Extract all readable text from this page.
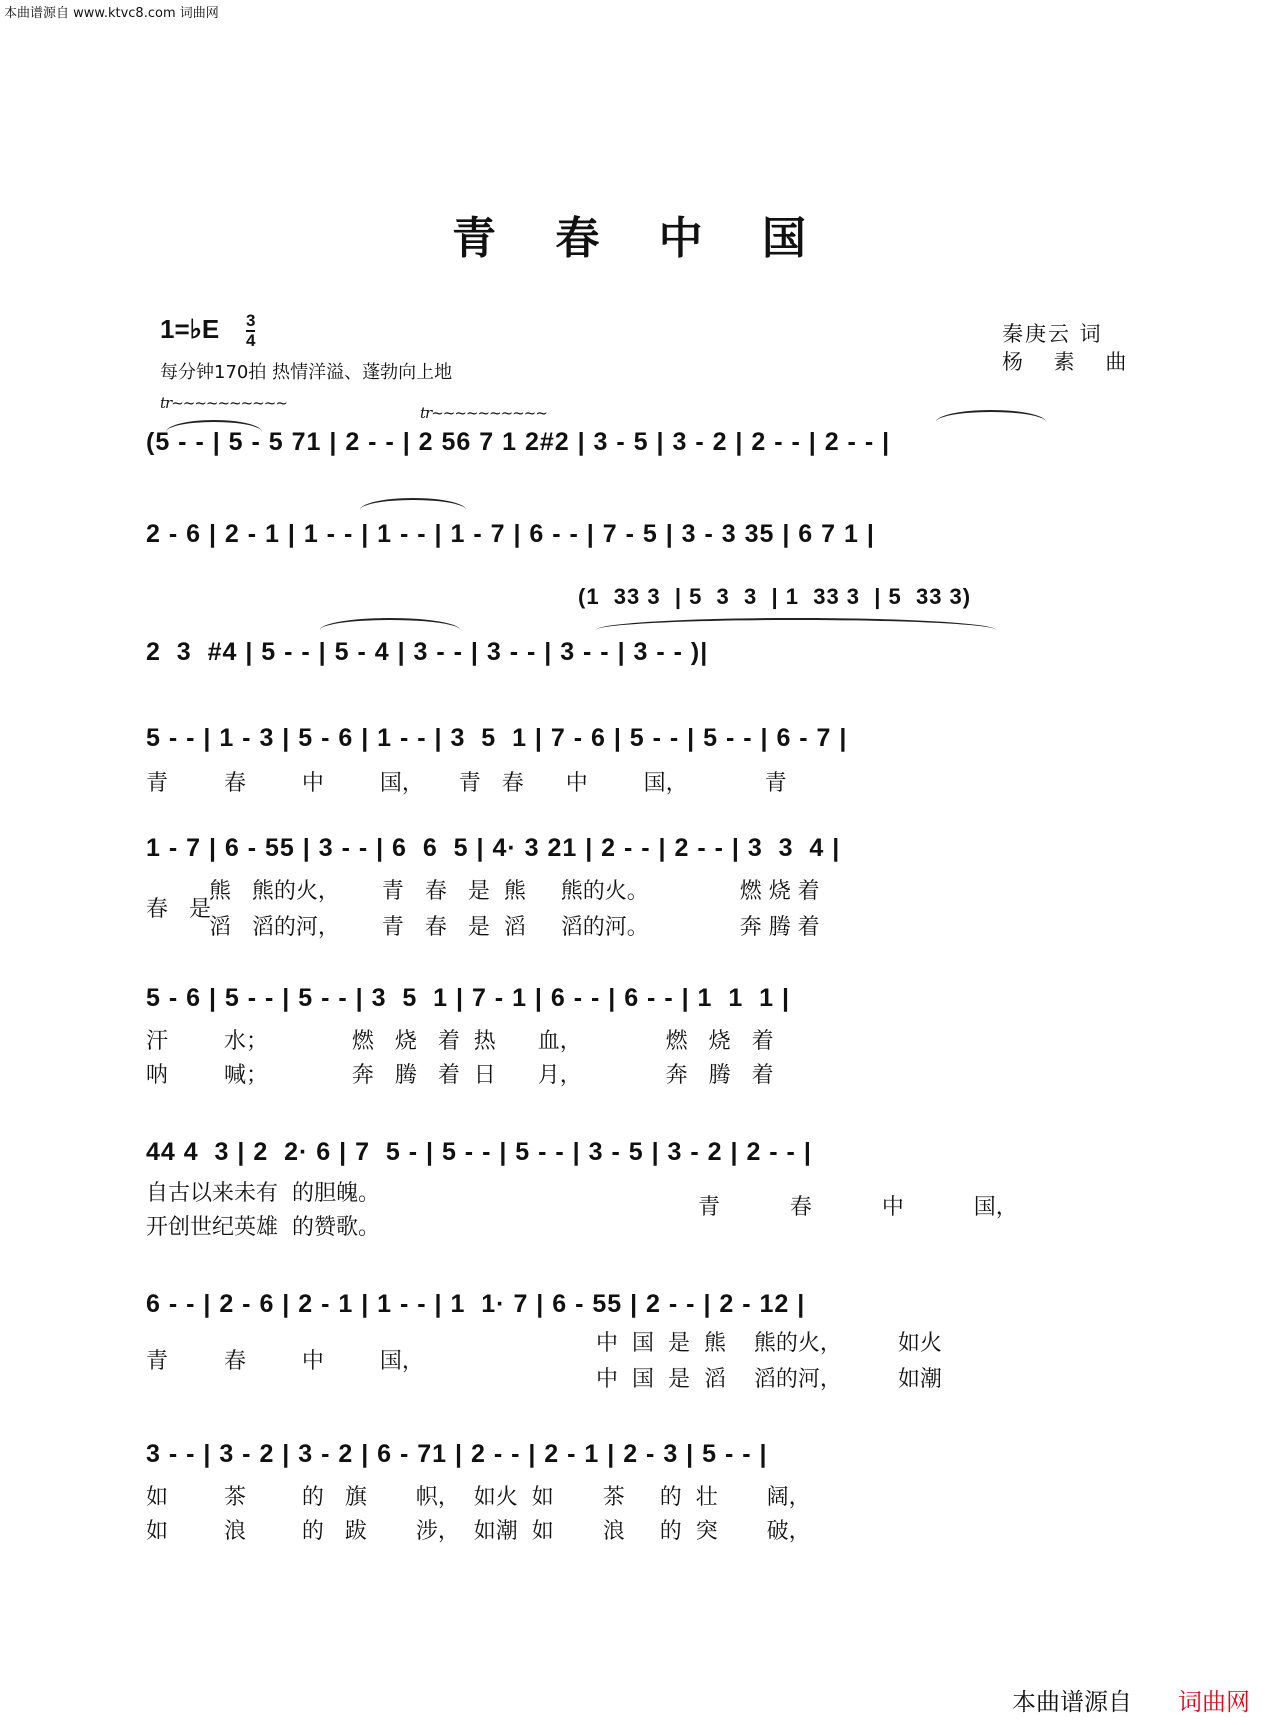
本曲谱源自 www.ktvc8.com 词曲网
青 春 中 国
1=♭E 3
4
每分钟170拍 热情洋溢、蓬勃向上地
秦庚云 词
杨 素 曲
tr~~~~~~~~~~
tr~~~~~~~~~~
(5 - - | 5 - 5 71 | 2 - - | 2 56 7 1 2#2 | 3 - 5 | 3 - 2 | 2 - - | 2 - - |
2 - 6 | 2 - 1 | 1 - - | 1 - - | 1 - 7 | 6 - - | 7 - 5 | 3 - 3 35 | 6 7 1 |
(1  33 3  | 5  3  3  | 1  33 3  | 5  33 3)
2  3  #4 | 5 - - | 5 - 4 | 3 - - | 3 - - | 3 - - | 3 - - )|
5 - - | 1 - 3 | 5 - 6 | 1 - - | 3  5  1 | 7 - 6 | 5 - - | 5 - - | 6 - 7 |
青        春        中        国，     青   春      中        国，           青
1 - 7 | 6 - 55 | 3 - - | 6  6  5 | 4· 3 21 | 2 - - | 2 - - | 3  3  4 |
春   是
熊   熊的火，      青   春   是  熊     熊的火。             燃 烧 着
滔   滔的河，      青   春   是  滔     滔的河。             奔 腾 着
5 - 6 | 5 - - | 5 - - | 3  5  1 | 7 - 1 | 6 - - | 6 - - | 1  1  1 |
汗        水；            燃   烧   着  热      血，            燃   烧   着
呐        喊；            奔   腾   着  日      月，            奔   腾   着
44 4  3 | 2  2· 6 | 7  5 - | 5 - - | 5 - - | 3 - 5 | 3 - 2 | 2 - - |
自古以来未有  的胆魄。
开创世纪英雄  的赞歌。
青          春          中          国，
6 - - | 2 - 6 | 2 - 1 | 1 - - | 1  1· 7 | 6 - 55 | 2 - - | 2 - 12 |
青        春        中        国，
中  国  是  熊    熊的火，        如火
中  国  是  滔    滔的河，        如潮
3 - - | 3 - 2 | 3 - 2 | 6 - 71 | 2 - - | 2 - 1 | 2 - 3 | 5 - - |
如        茶        的   旗       帜，  如火  如       茶     的  壮       阔，
如        浪        的   跋       涉，  如潮  如       浪     的  突       破，
本曲谱源自 词曲网
